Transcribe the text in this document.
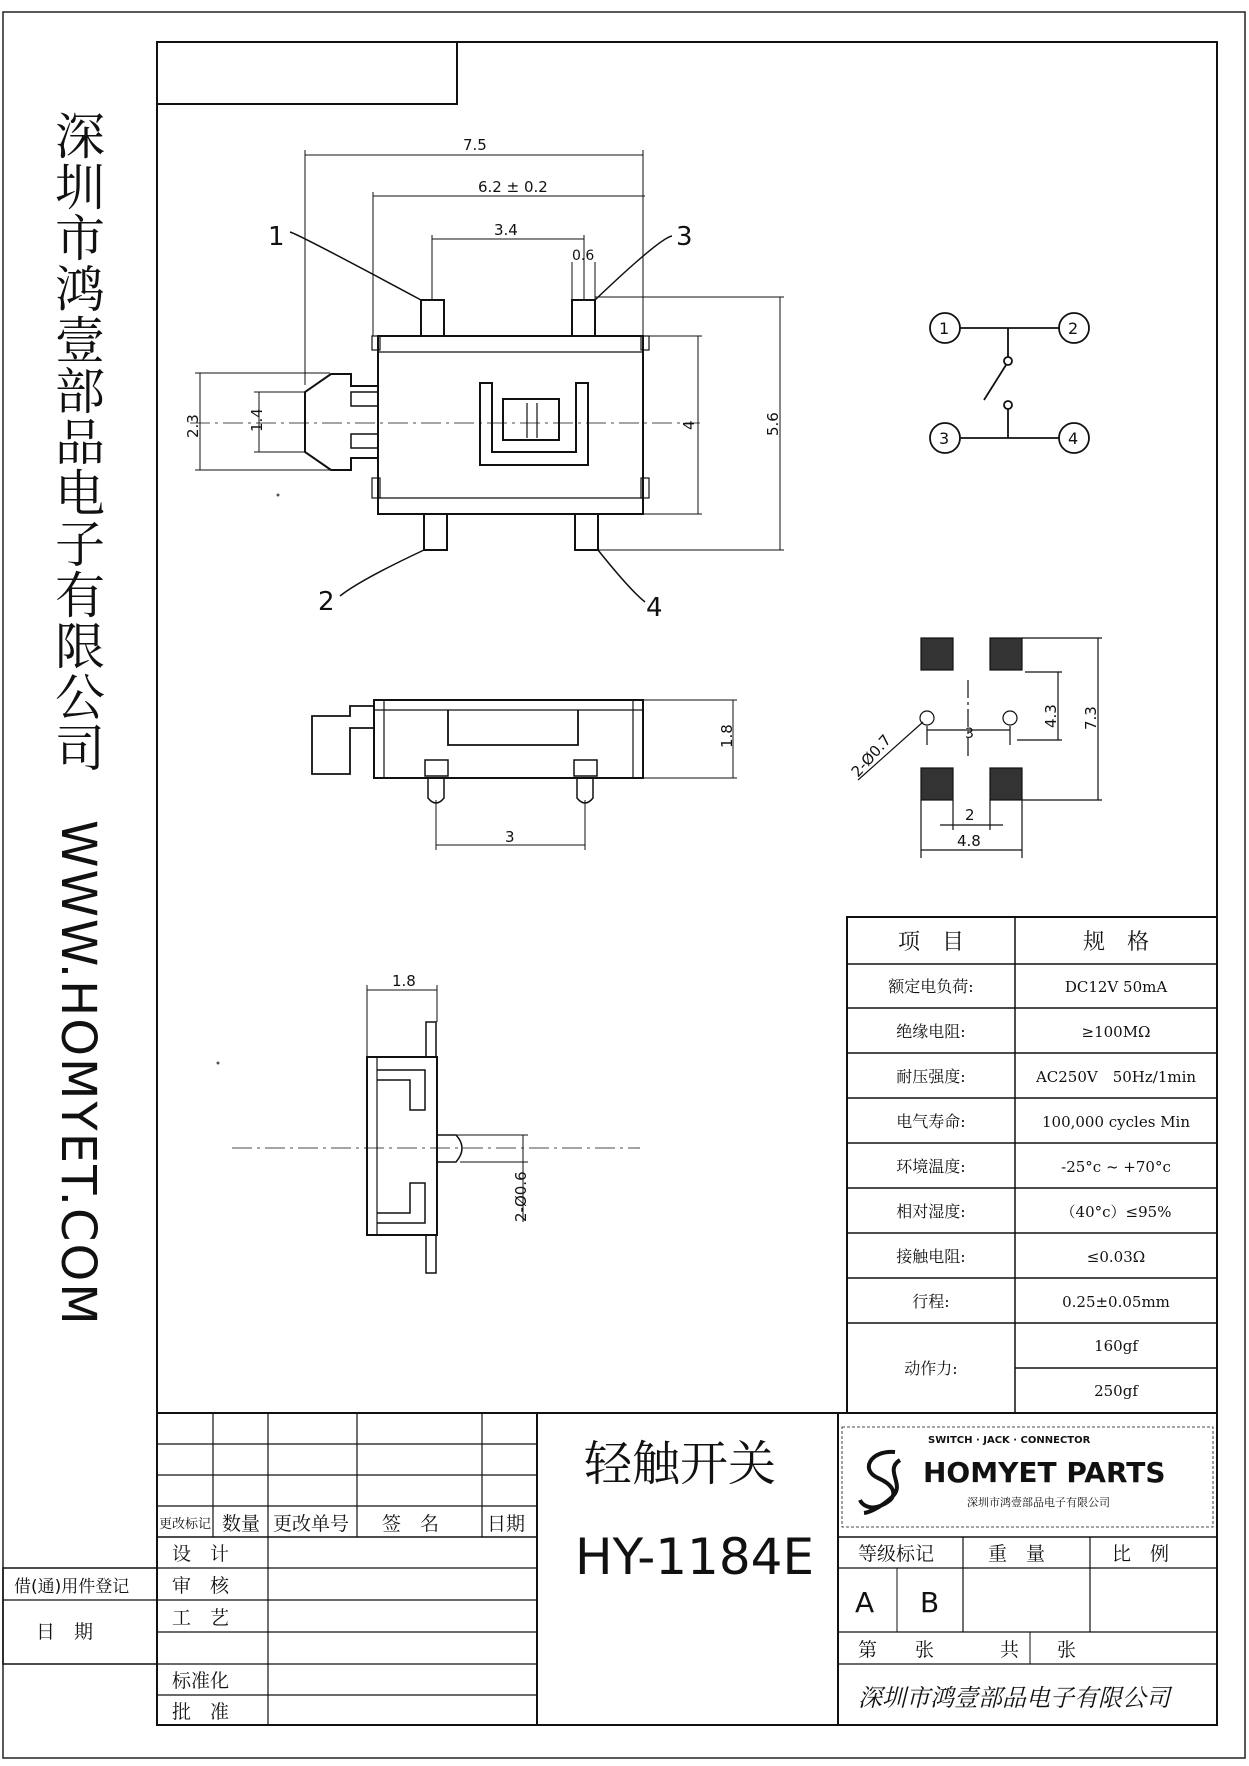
7.5
6.2 ± 0.2
3.4
0.6
2.3	1.4	4	5.6
1	3
2	4
1	2
3	4
1.8
3
2-Ø0.7	3
4.3 7.3
2
4.8
1.8
2-Ø0.6
项　目	规　格
额定电负荷:	DC12V 50mA
绝缘电阻:	≥100MΩ
耐压强度:	AC250V　50Hz/1min
电气寿命:	100,000 cycles Min
环境温度:	-25°c ~ +70°c
相对湿度:	（40°c）≤95%
接触电阻:	≤0.03Ω
行程:	0.25±0.05mm
动作力:
160gf
250gf
轻触开关
HY-1184E
更改标记 数量 更改单号 签　名	日期
设　计
审　核
工　艺
标准化
批　准
借(通)用件登记
日　期
SWITCH · JACK · CONNECTOR
HOMYET PARTS
深圳市鸿壹部品电子有限公司
等级标记	重　量	比　例
A B
第　　张	共　　张
深圳市鸿壹部品电子有限公司
深圳市鸿壹部品电子有限公司
WWW.HOMYET.COM
